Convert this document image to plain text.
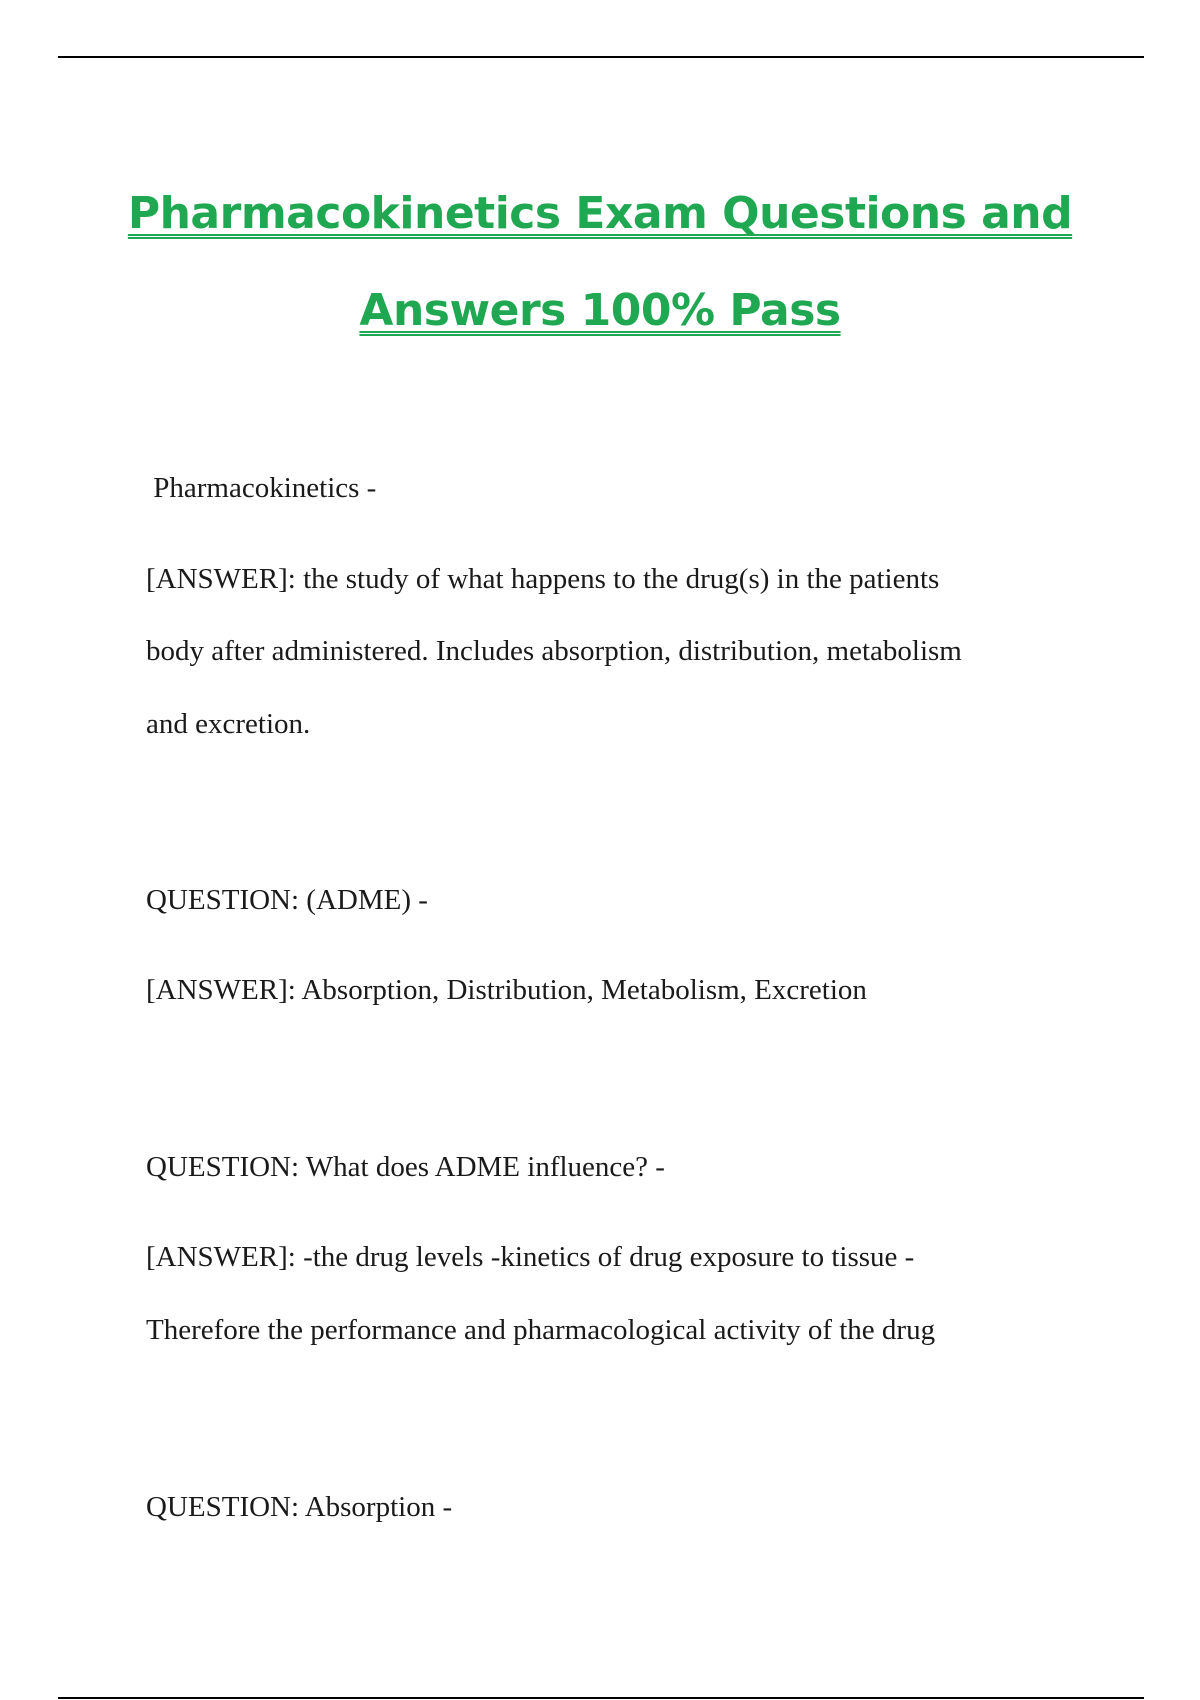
Pharmacokinetics Exam Questions and
Answers 100% Pass

Pharmacokinetics -

[ANSWER]: the study of what happens to the drug(s) in the patients

body after administered. Includes absorption, distribution, metabolism

and excretion.

QUESTION: (ADME) -

[ANSWER]: Absorption, Distribution, Metabolism, Excretion

QUESTION: What does ADME influence? -

[ANSWER]: -the drug levels -kinetics of drug exposure to tissue -

Therefore the performance and pharmacological activity of the drug

QUESTION: Absorption -
